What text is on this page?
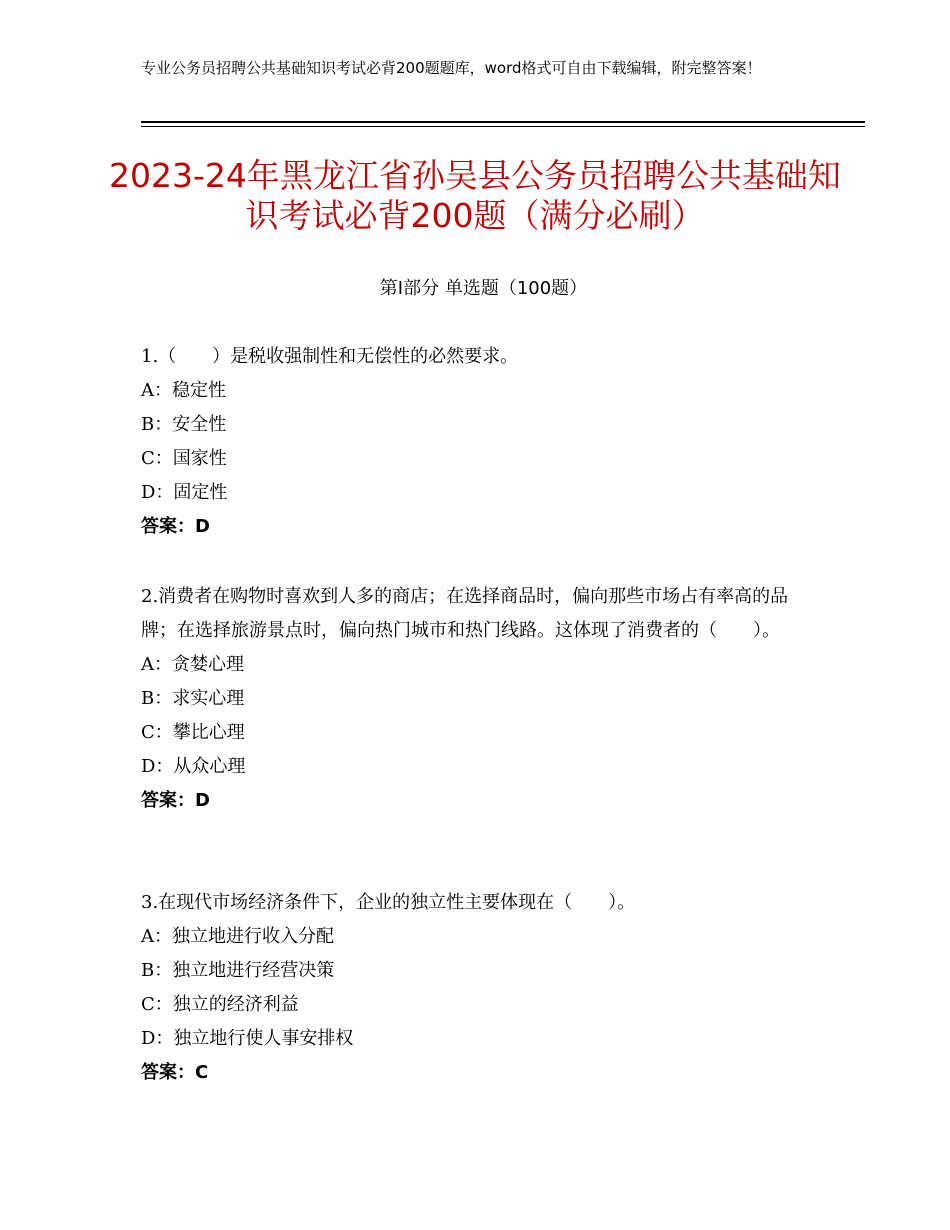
专业公务员招聘公共基础知识考试必背200题题库，word格式可自由下载编辑，附完整答案！
2023-24年黑龙江省孙吴县公务员招聘公共基础知识考试必背200题（满分必刷）
第Ⅰ部分 单选题（100题）

1.（　　）是税收强制性和无偿性的必然要求。

A：稳定性

B：安全性

C：国家性

D：固定性

答案：D

2.消费者在购物时喜欢到人多的商店；在选择商品时，偏向那些市场占有率高的品牌；在选择旅游景点时，偏向热门城市和热门线路。这体现了消费者的（　　）。

A：贪婪心理

B：求实心理

C：攀比心理

D：从众心理

答案：D

3.在现代市场经济条件下，企业的独立性主要体现在（　　）。

A：独立地进行收入分配

B：独立地进行经营决策

C：独立的经济利益

D：独立地行使人事安排权

答案：C
